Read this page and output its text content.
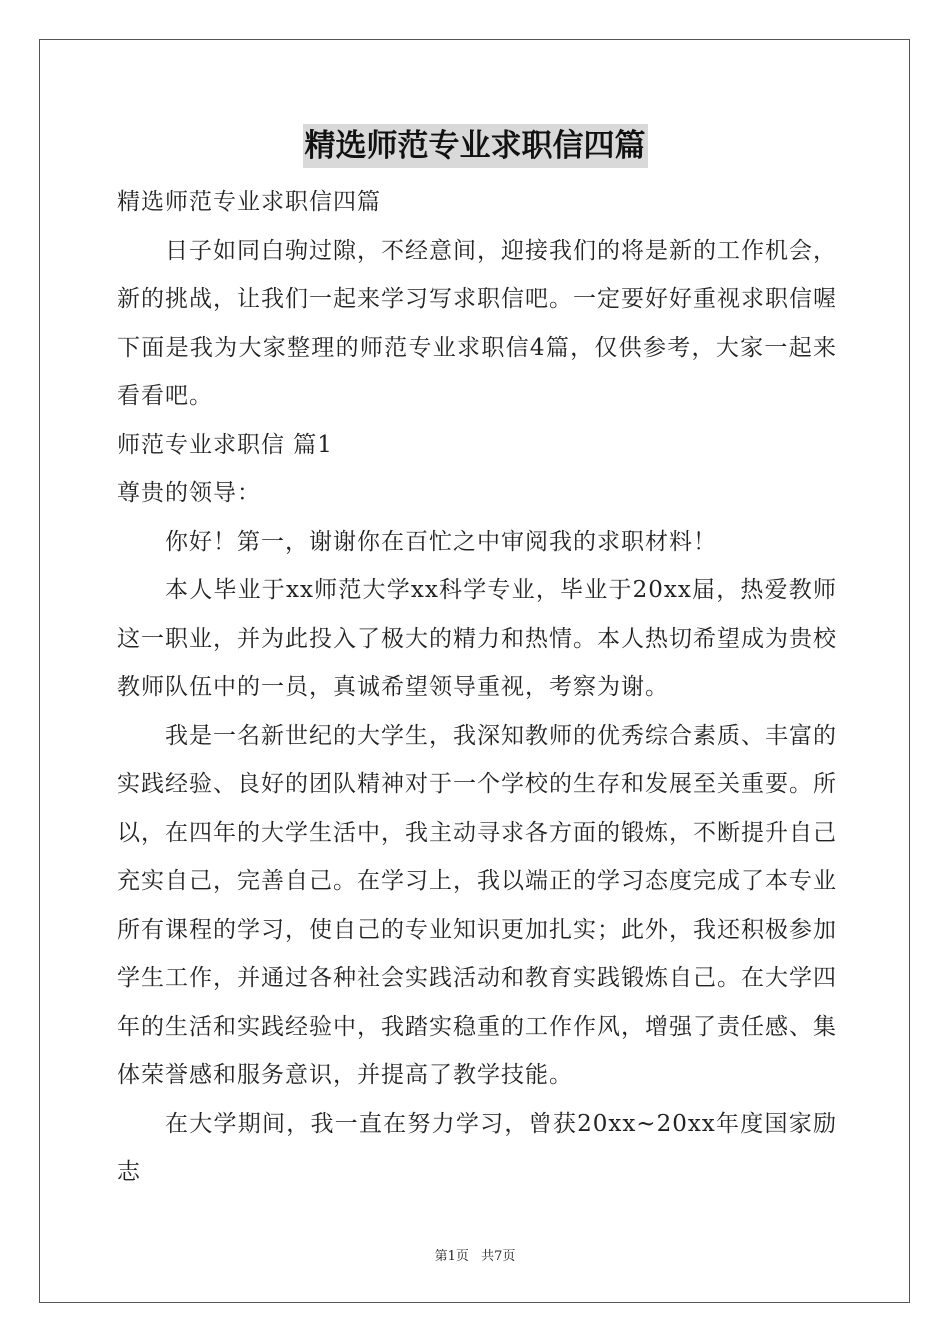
精选师范专业求职信四篇

精选师范专业求职信四篇

日子如同白驹过隙，不经意间，迎接我们的将是新的工作机会，新的挑战，让我们一起来学习写求职信吧。一定要好好重视求职信喔下面是我为大家整理的师范专业求职信4篇，仅供参考，大家一起来看看吧。

师范专业求职信 篇1

尊贵的领导：

你好！第一，谢谢你在百忙之中审阅我的求职材料！

本人毕业于xx师范大学xx科学专业，毕业于20xx届，热爱教师这一职业，并为此投入了极大的精力和热情。本人热切希望成为贵校教师队伍中的一员，真诚希望领导重视，考察为谢。

我是一名新世纪的大学生，我深知教师的优秀综合素质、丰富的实践经验、良好的团队精神对于一个学校的生存和发展至关重要。所以，在四年的大学生活中，我主动寻求各方面的锻炼，不断提升自己充实自己，完善自己。在学习上，我以端正的学习态度完成了本专业所有课程的学习，使自己的专业知识更加扎实；此外，我还积极参加学生工作，并通过各种社会实践活动和教育实践锻炼自己。在大学四年的生活和实践经验中，我踏实稳重的工作作风，增强了责任感、集体荣誉感和服务意识，并提高了教学技能。

在大学期间，我一直在努力学习，曾获20xx~20xx年度国家励志

第1页 共7页
